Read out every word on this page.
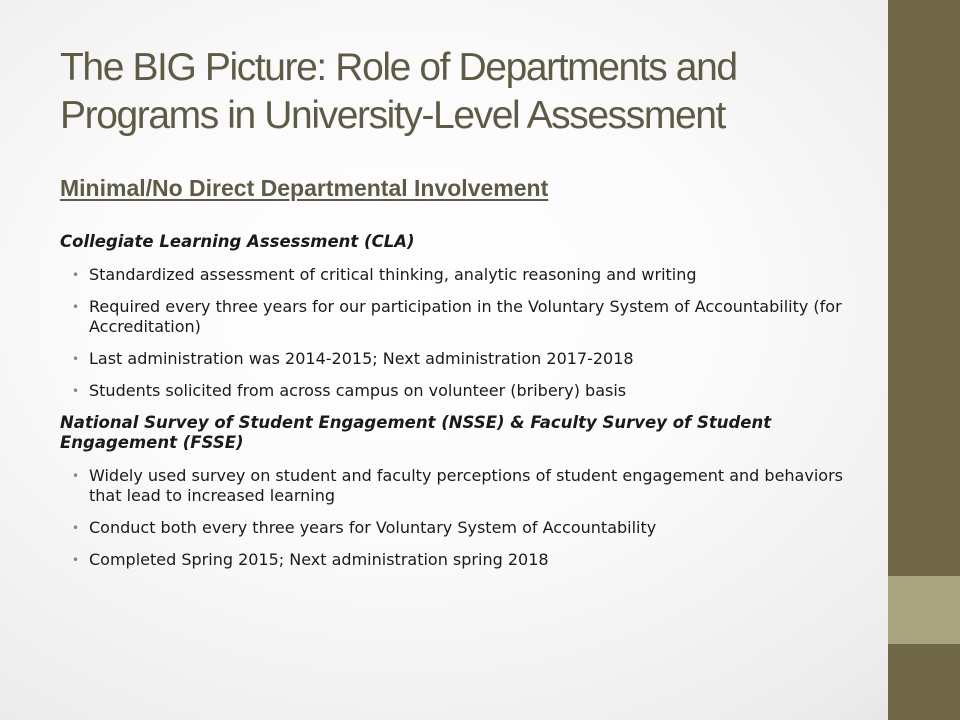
The BIG Picture: Role of Departments and
Programs in University-Level Assessment
Minimal/No Direct Departmental Involvement

Collegiate Learning Assessment (CLA)

• Standardized assessment of critical thinking, analytic reasoning and writing
• Required every three years for our participation in the Voluntary System of Accountability (for Accreditation)
• Last administration was 2014-2015; Next administration 2017-2018
• Students solicited from across campus on volunteer (bribery) basis

National Survey of Student Engagement (NSSE) & Faculty Survey of Student Engagement (FSSE)

• Widely used survey on student and faculty perceptions of student engagement and behaviors that lead to increased learning
• Conduct both every three years for Voluntary System of Accountability
• Completed Spring 2015; Next administration spring 2018
